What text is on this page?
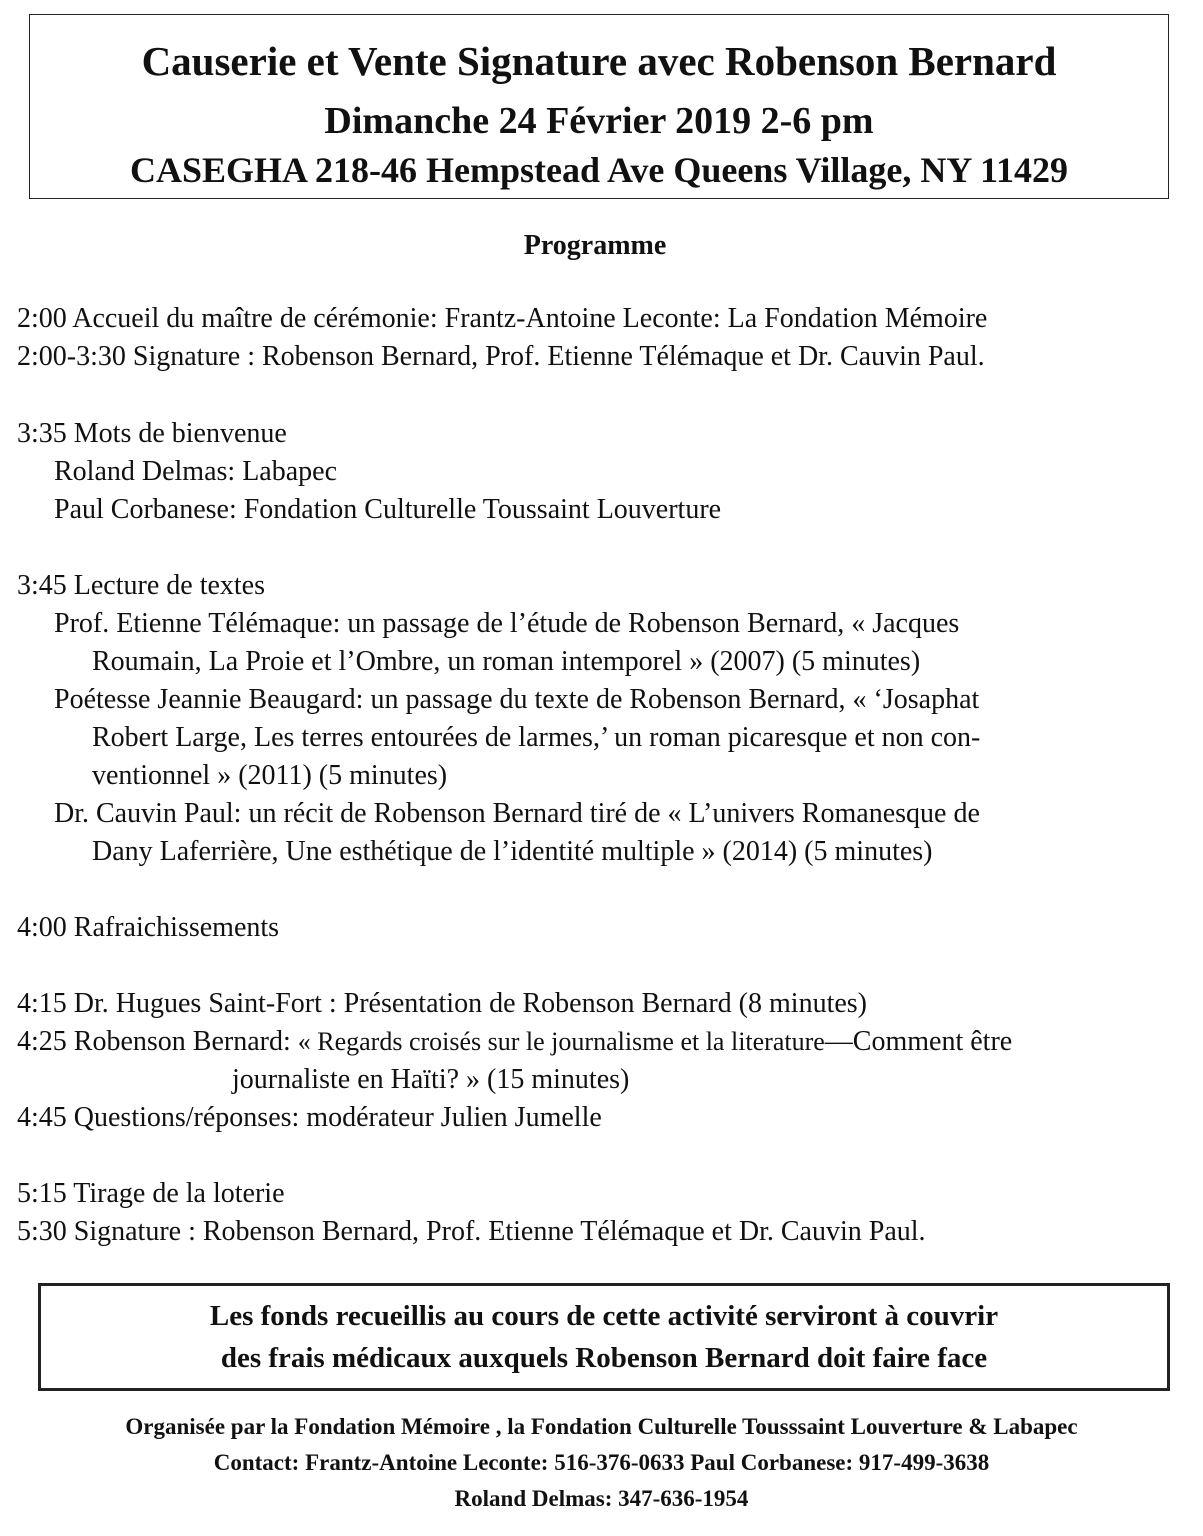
Causerie et Vente Signature avec Robenson Bernard
Dimanche 24 Février 2019 2-6 pm
CASEGHA 218-46 Hempstead Ave Queens Village, NY 11429
Programme
2:00 Accueil du maître de cérémonie: Frantz-Antoine Leconte: La Fondation Mémoire
2:00-3:30 Signature : Robenson Bernard, Prof. Etienne Télémaque et Dr. Cauvin Paul.
3:35 Mots de bienvenue
Roland Delmas: Labapec
Paul Corbanese: Fondation Culturelle Toussaint Louverture
3:45 Lecture de textes
Prof. Etienne Télémaque: un passage de l’étude de Robenson Bernard, « Jacques
Roumain, La Proie et l’Ombre, un roman intemporel » (2007) (5 minutes)
Poétesse Jeannie Beaugard: un passage du texte de Robenson Bernard, « ‘Josaphat
Robert Large, Les terres entourées de larmes,’ un roman picaresque et non con-
ventionnel » (2011) (5 minutes)
Dr. Cauvin Paul: un récit de Robenson Bernard tiré de « L’univers Romanesque de
Dany Laferrière, Une esthétique de l’identité multiple » (2014) (5 minutes)
4:00 Rafraichissements
4:15 Dr. Hugues Saint-Fort : Présentation de Robenson Bernard (8 minutes)
4:25 Robenson Bernard: « Regards croisés sur le journalisme et la literature—Comment être
journaliste en Haïti? » (15 minutes)
4:45 Questions/réponses: modérateur Julien Jumelle
5:15 Tirage de la loterie
5:30 Signature : Robenson Bernard, Prof. Etienne Télémaque et Dr. Cauvin Paul.
Les fonds recueillis au cours de cette activité serviront à couvrir
des frais médicaux auxquels Robenson Bernard doit faire face
Organisée par la Fondation Mémoire , la Fondation Culturelle Tousssaint Louverture & Labapec
Contact: Frantz-Antoine Leconte: 516-376-0633 Paul Corbanese: 917-499-3638
Roland Delmas: 347-636-1954
